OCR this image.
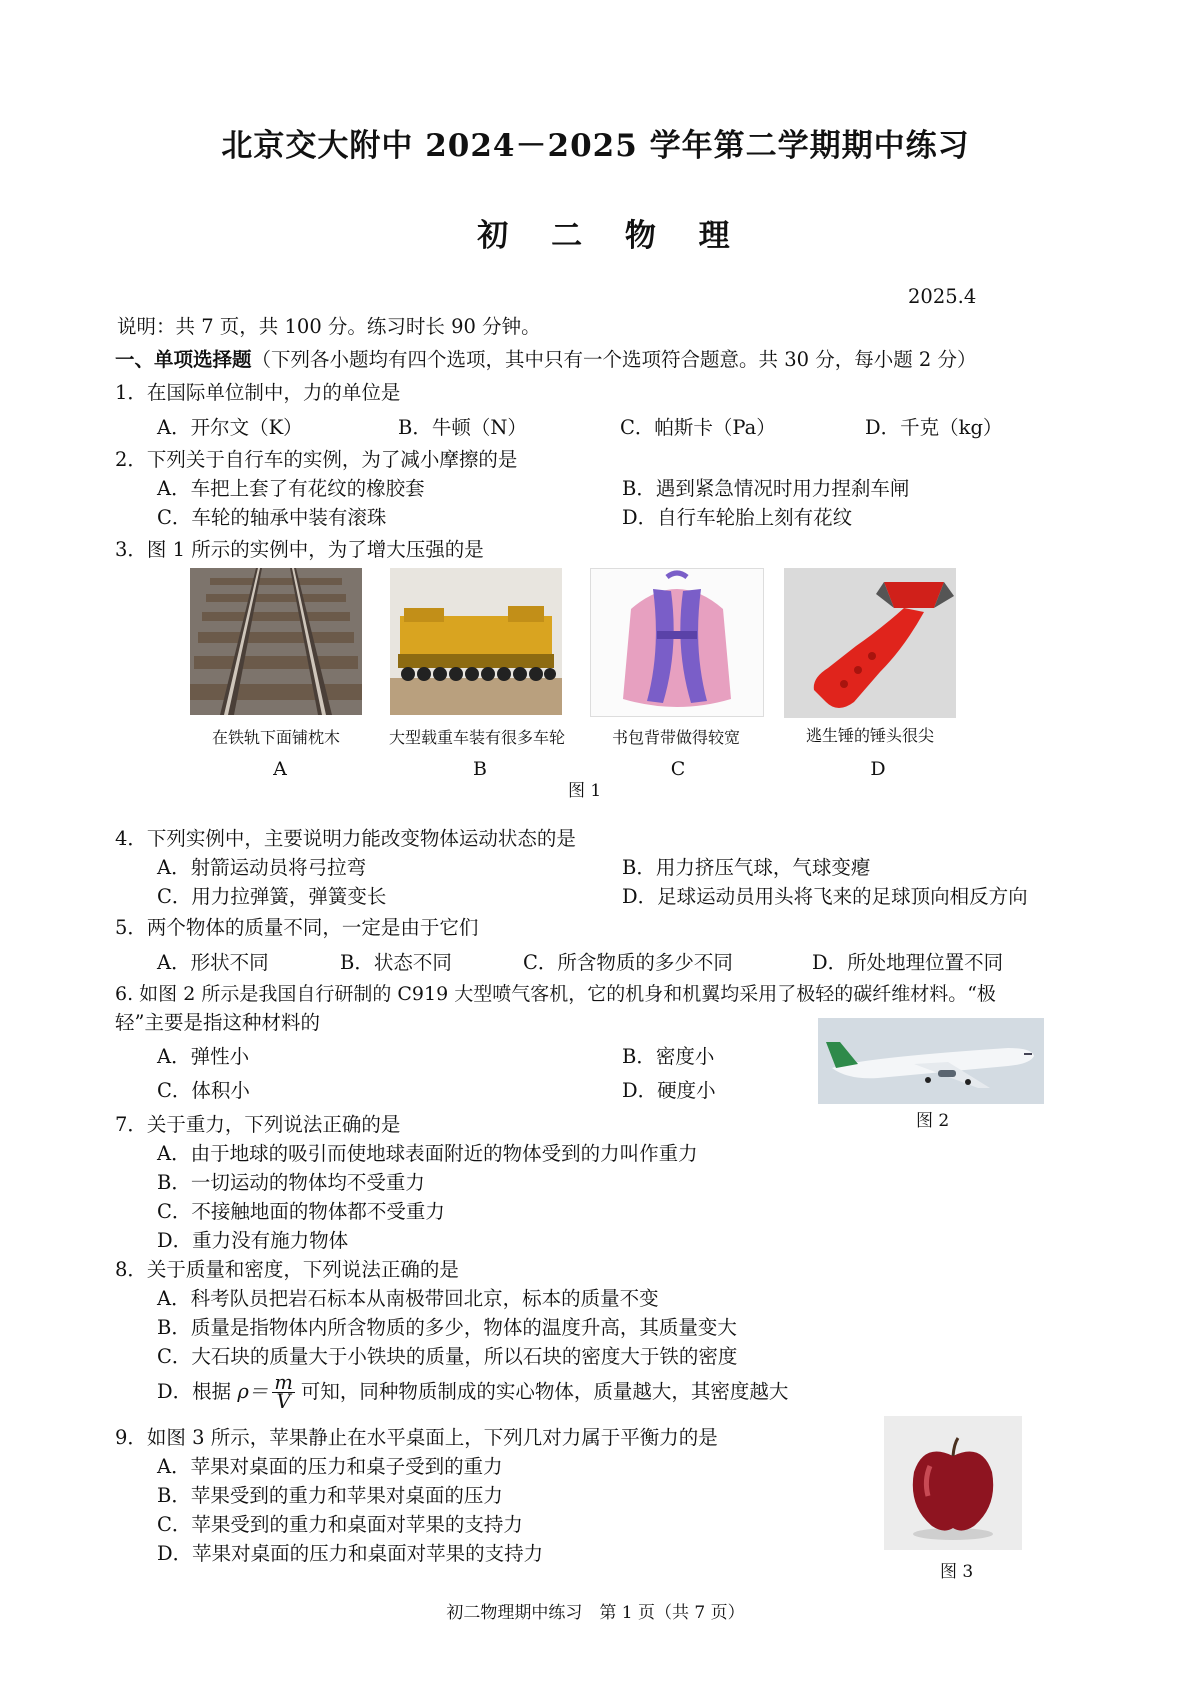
北京交大附中 2024－2025 学年第二学期期中练习
初 二 物 理
2025.4
说明：共 7 页，共 100 分。练习时长 90 分钟。
一、单项选择题（下列各小题均有四个选项，其中只有一个选项符合题意。共 30 分，每小题 2 分）
1．在国际单位制中，力的单位是
A．开尔文（K）	B．牛顿（N）	C．帕斯卡（Pa）	D．千克（kg）
2．下列关于自行车的实例，为了减小摩擦的是
A．车把上套了有花纹的橡胶套	B．遇到紧急情况时用力捏刹车闸
C．车轮的轴承中装有滚珠	D．自行车轮胎上刻有花纹
3．图 1 所示的实例中，为了增大压强的是
在铁轨下面铺枕木
A
大型载重车装有很多车轮
B
书包背带做得较宽
C
逃生锤的锤头很尖
D
图 1
4．下列实例中，主要说明力能改变物体运动状态的是
A．射箭运动员将弓拉弯	B．用力挤压气球，气球变瘪
C．用力拉弹簧，弹簧变长	D．足球运动员用头将飞来的足球顶向相反方向
5．两个物体的质量不同，一定是由于它们
A．形状不同	B．状态不同	C．所含物质的多少不同	D．所处地理位置不同
6. 如图 2 所示是我国自行研制的 C919 大型喷气客机，它的机身和机翼均采用了极轻的碳纤维材料。“极
轻”主要是指这种材料的
A．弹性小	B．密度小
C．体积小	D．硬度小
图 2
7．关于重力，下列说法正确的是
A．由于地球的吸引而使地球表面附近的物体受到的力叫作重力
B．一切运动的物体均不受重力
C．不接触地面的物体都不受重力
D．重力没有施力物体
8．关于质量和密度，下列说法正确的是
A．科考队员把岩石标本从南极带回北京，标本的质量不变
B．质量是指物体内所含物质的多少，物体的温度升高，其质量变大
C．大石块的质量大于小铁块的质量，所以石块的密度大于铁的密度
D．根据 $\rho= \frac{m}{V}$ 可知，同种物质制成的实心物体，质量越大，其密度越大
9．如图 3 所示，苹果静止在水平桌面上，下列几对力属于平衡力的是
A．苹果对桌面的压力和桌子受到的重力
B．苹果受到的重力和苹果对桌面的压力
C．苹果受到的重力和桌面对苹果的支持力
D．苹果对桌面的压力和桌面对苹果的支持力
图 3
初二物理期中练习　第 1 页（共 7 页）
